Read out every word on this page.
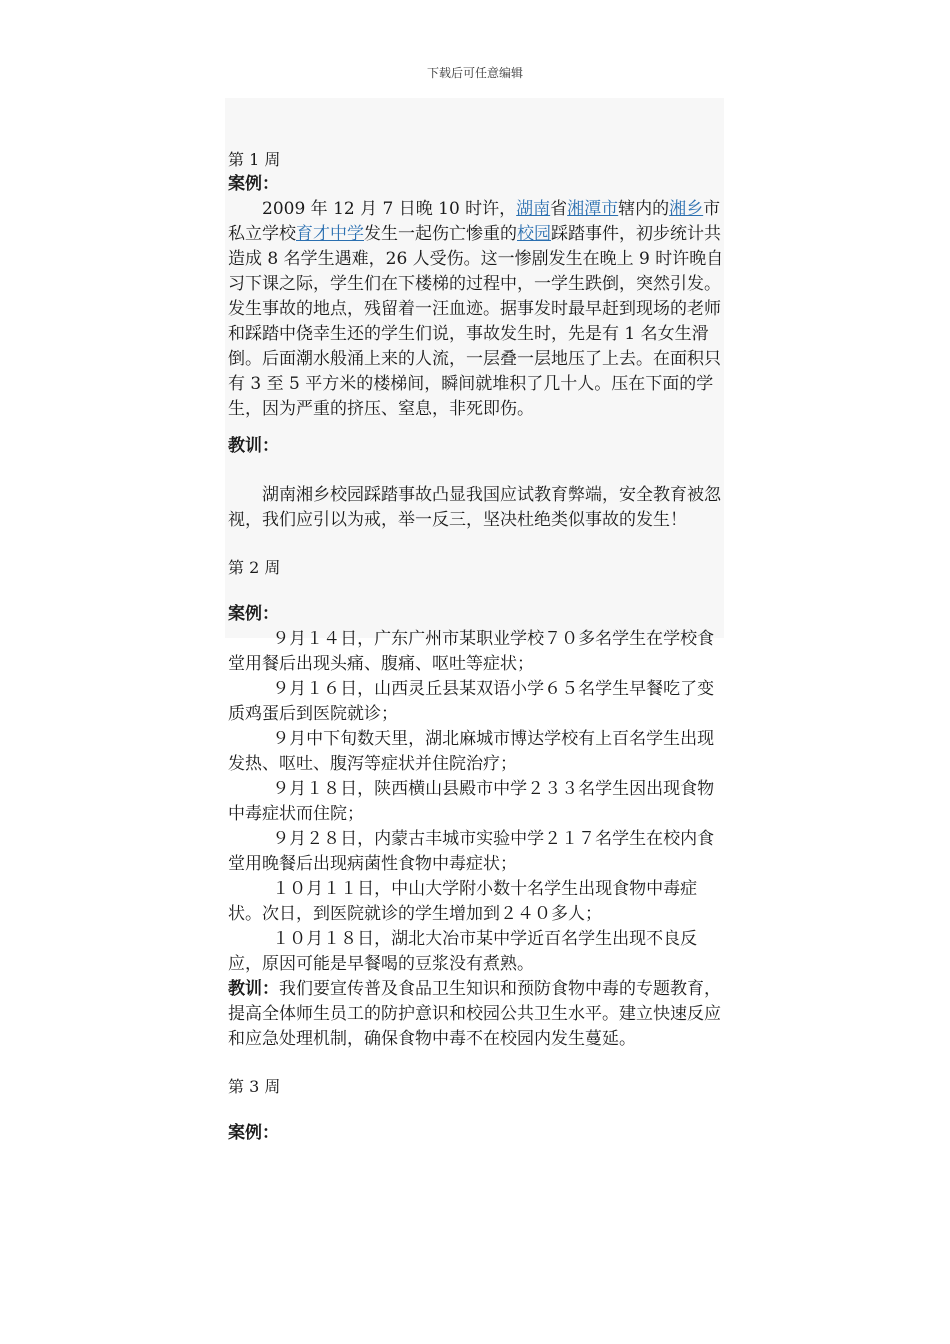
下载后可任意编辑

第 1 周

案例：

2009 年 12 月 7 日晚 10 时许，湖南省湘潭市辖内的湘乡市私立学校育才中学发生一起伤亡惨重的校园踩踏事件，初步统计共造成 8 名学生遇难，26 人受伤。这一惨剧发生在晚上 9 时许晚自习下课之际，学生们在下楼梯的过程中，一学生跌倒，突然引发。 发生事故的地点，残留着一汪血迹。据事发时最早赶到现场的老师和踩踏中侥幸生还的学生们说，事故发生时，先是有 1 名女生滑倒。后面潮水般涌上来的人流，一层叠一层地压了上去。在面积只有 3 至 5 平方米的楼梯间，瞬间就堆积了几十人。压在下面的学生，因为严重的挤压、窒息，非死即伤。

教训：

湖南湘乡校园踩踏事故凸显我国应试教育弊端，安全教育被忽视，我们应引以为戒，举一反三，坚决杜绝类似事故的发生！

第 2 周

案例：

９月１４日，广东广州市某职业学校７０多名学生在学校食堂用餐后出现头痛、腹痛、呕吐等症状；

９月１６日，山西灵丘县某双语小学６５名学生早餐吃了变质鸡蛋后到医院就诊；

９月中下旬数天里，湖北麻城市博达学校有上百名学生出现发热、呕吐、腹泻等症状并住院治疗；

９月１８日，陕西横山县殿市中学２３３名学生因出现食物中毒症状而住院；

９月２８日，内蒙古丰城市实验中学２１７名学生在校内食堂用晚餐后出现病菌性食物中毒症状；

１０月１１日，中山大学附小数十名学生出现食物中毒症状。次日，到医院就诊的学生增加到２４０多人；

１０月１８日，湖北大冶市某中学近百名学生出现不良反应，原因可能是早餐喝的豆浆没有煮熟。

教训：我们要宣传普及食品卫生知识和预防食物中毒的专题教育，提高全体师生员工的防护意识和校园公共卫生水平。建立快速反应和应急处理机制，确保食物中毒不在校园内发生蔓延。

第 3 周

案例：
